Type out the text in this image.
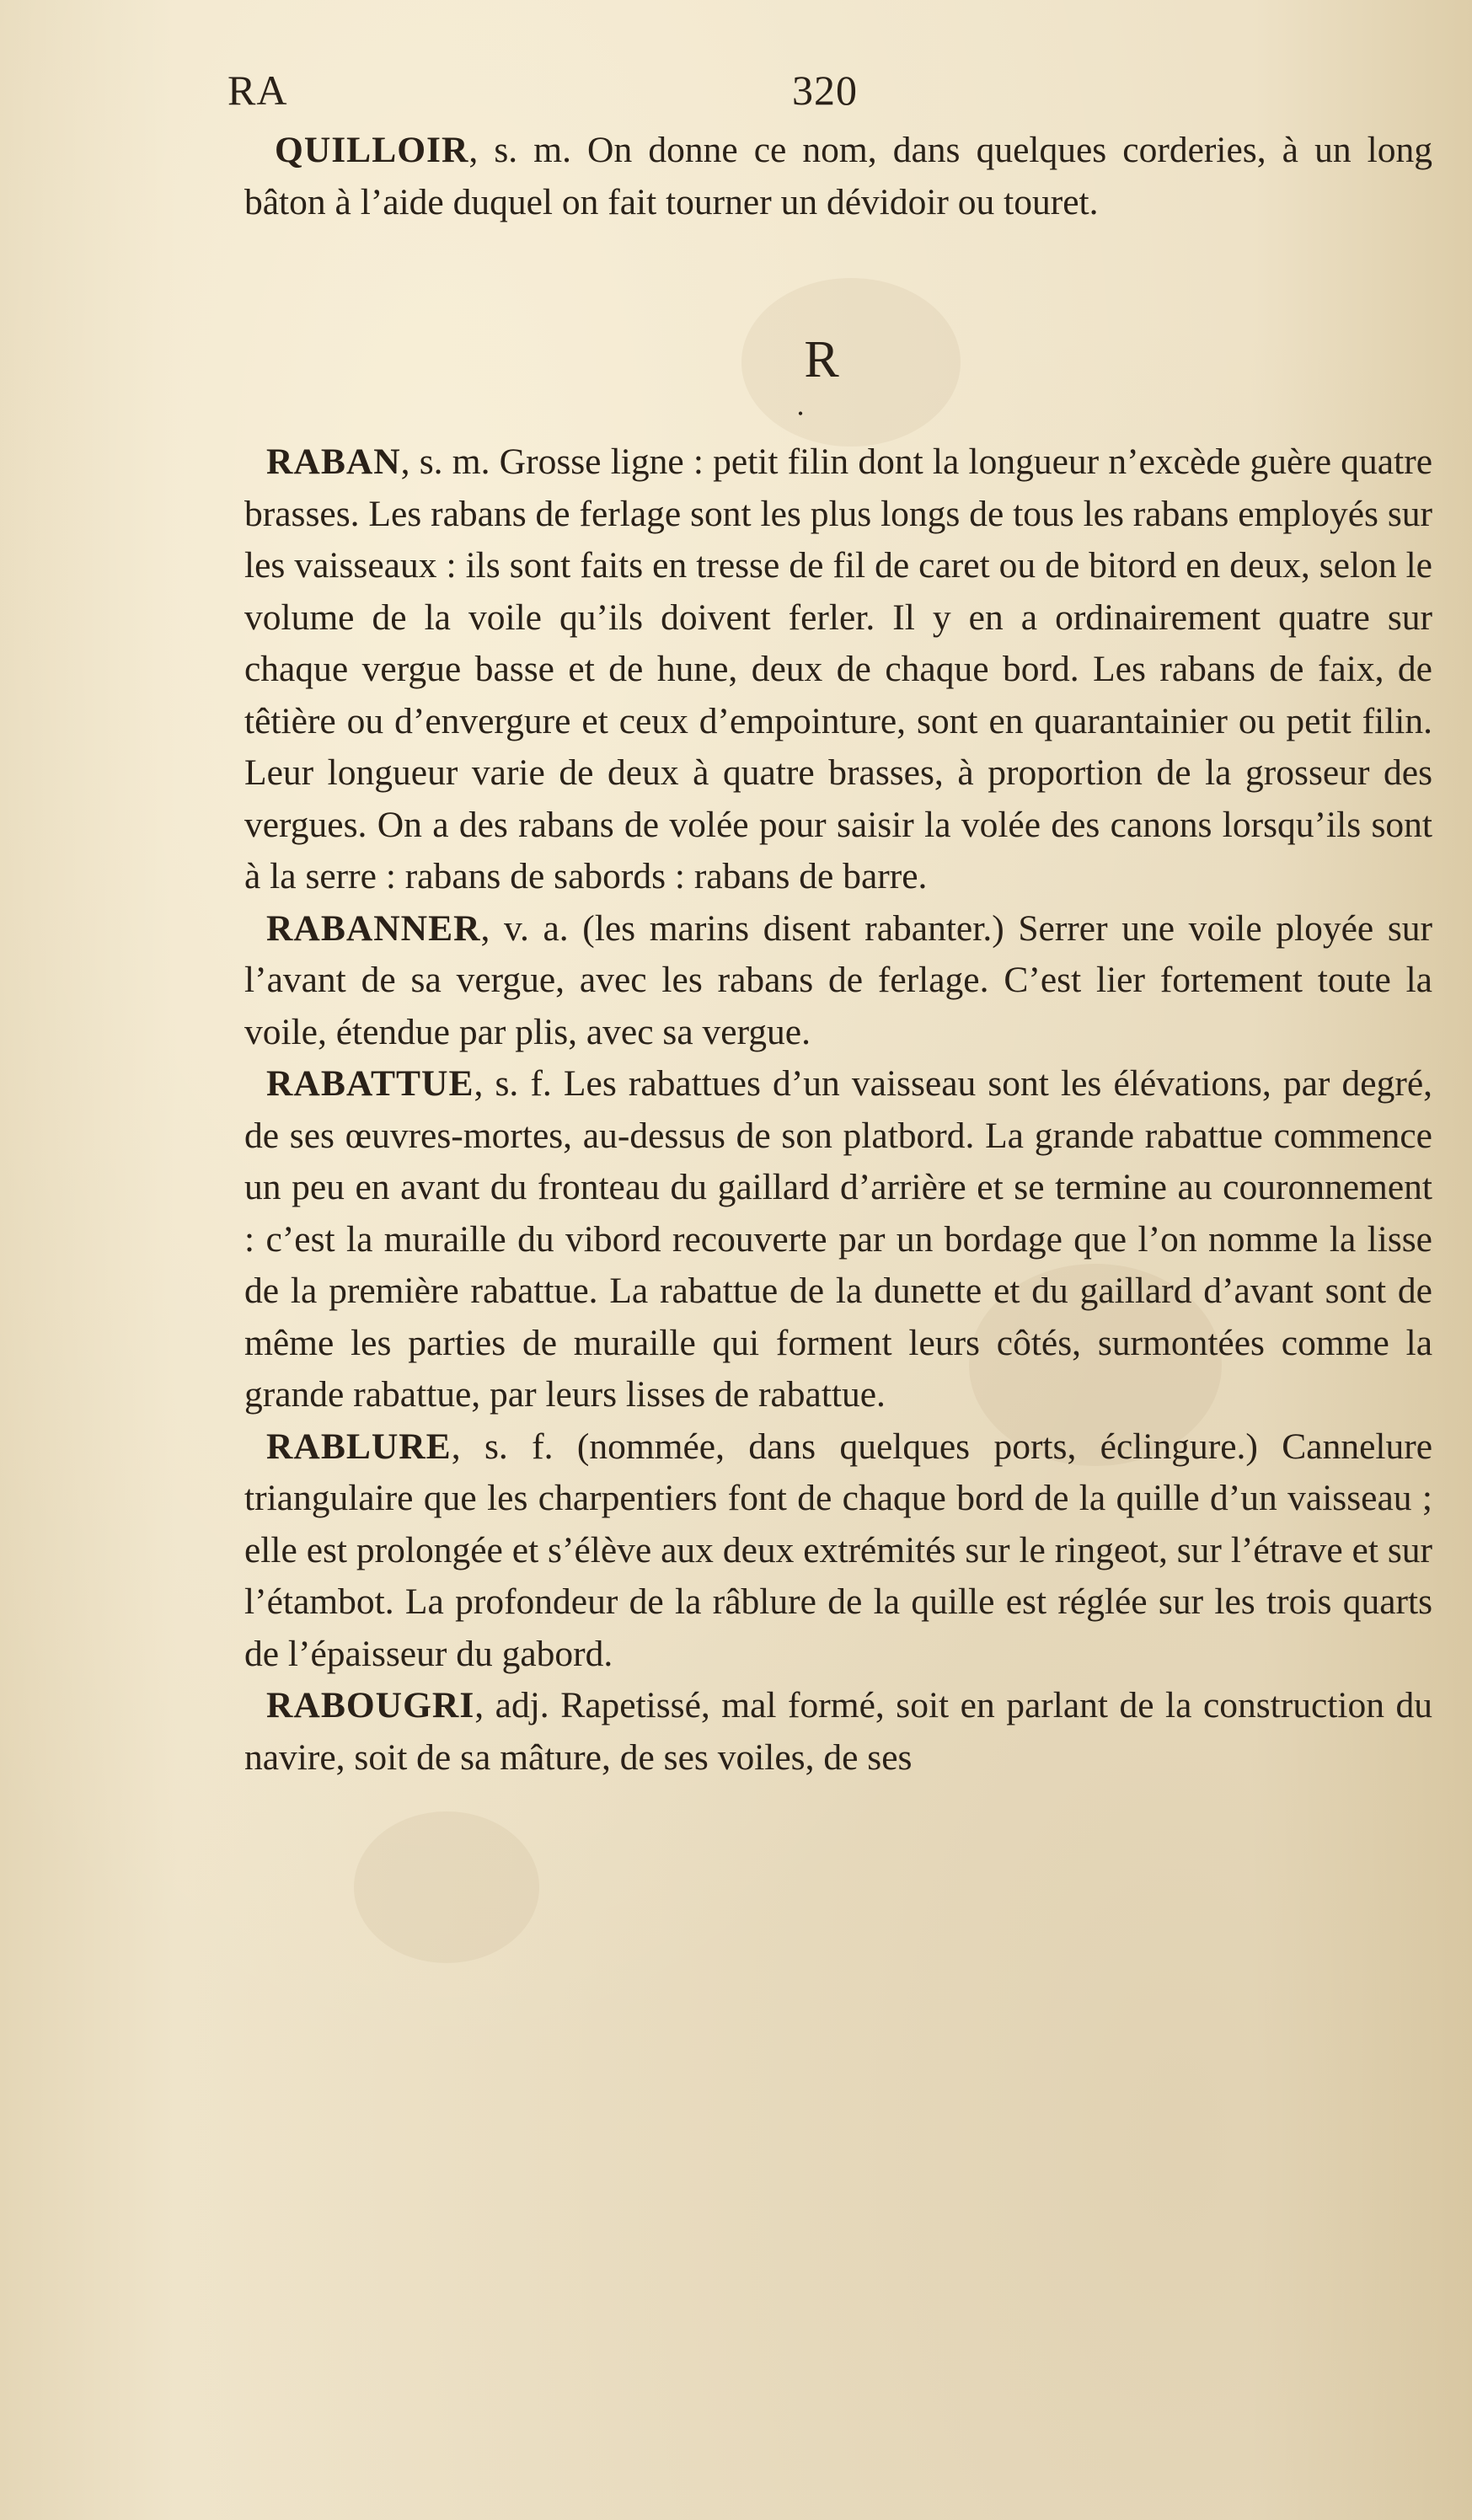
RA	320

QUILLOIR, s. m. On donne ce nom, dans quelques corderies, à un long bâton à l’aide duquel on fait tourner un dévidoir ou touret.

R
•

RABAN, s. m. Grosse ligne : petit filin dont la longueur n’excède guère quatre brasses. Les rabans de ferlage sont les plus longs de tous les rabans employés sur les vaisseaux : ils sont faits en tresse de fil de caret ou de bitord en deux, selon le volume de la voile qu’ils doivent ferler. Il y en a ordinairement quatre sur chaque vergue basse et de hune, deux de chaque bord. Les rabans de faix, de têtière ou d’envergure et ceux d’empointure, sont en quarantainier ou petit filin. Leur longueur varie de deux à quatre brasses, à proportion de la grosseur des vergues. On a des rabans de volée pour saisir la volée des canons lorsqu’ils sont à la serre : rabans de sabords : rabans de barre.

RABANNER, v. a. (les marins disent rabanter.) Serrer une voile ployée sur l’avant de sa vergue, avec les rabans de ferlage. C’est lier fortement toute la voile, étendue par plis, avec sa vergue.

RABATTUE, s. f. Les rabattues d’un vaisseau sont les élévations, par degré, de ses œuvres-mortes, au-dessus de son platbord. La grande rabattue commence un peu en avant du fronteau du gaillard d’arrière et se termine au couronnement : c’est la muraille du vibord recouverte par un bordage que l’on nomme la lisse de la première rabattue. La rabattue de la dunette et du gaillard d’avant sont de même les parties de muraille qui forment leurs côtés, surmontées comme la grande rabattue, par leurs lisses de rabattue.

RABLURE, s. f. (nommée, dans quelques ports, éclingure.) Cannelure triangulaire que les charpentiers font de chaque bord de la quille d’un vaisseau ; elle est prolongée et s’élève aux deux extrémités sur le ringeot, sur l’étrave et sur l’étambot. La profondeur de la râblure de la quille est réglée sur les trois quarts de l’épaisseur du gabord.

RABOUGRI, adj. Rapetissé, mal formé, soit en parlant de la construction du navire, soit de sa mâture, de ses voiles, de ses
